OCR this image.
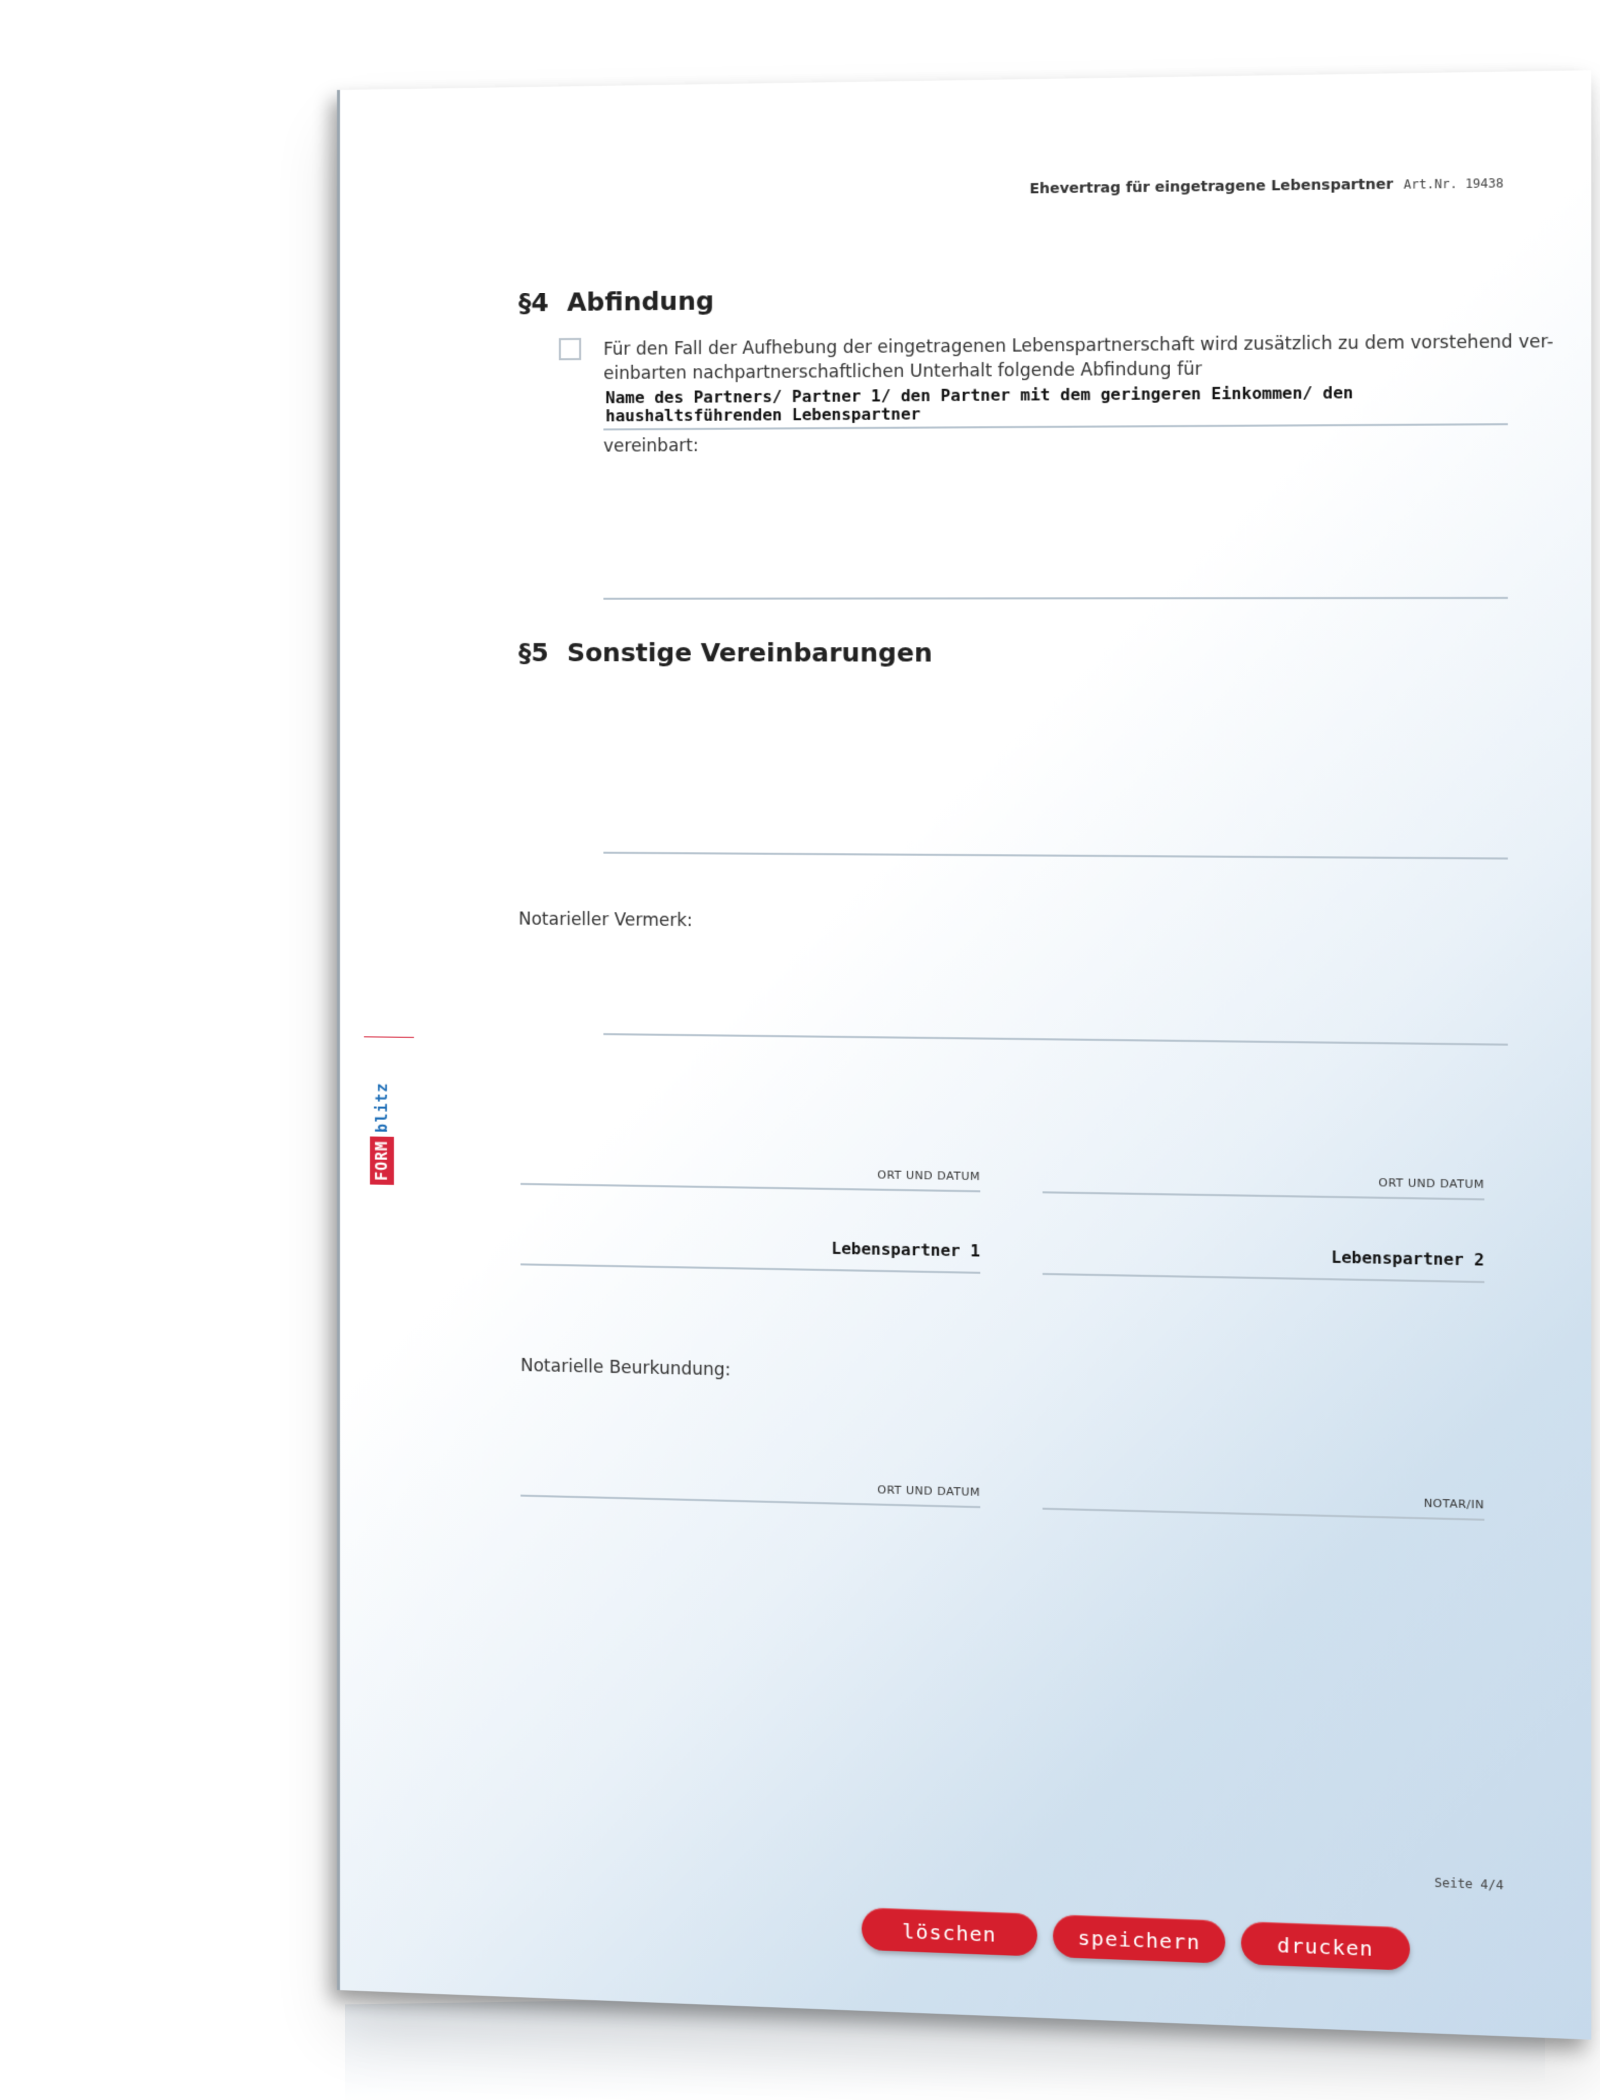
Ehevertrag für eingetragene Lebenspartner Art.Nr. 19438
§4 Abfindung
Für den Fall der Aufhebung der eingetragenen Lebenspartnerschaft wird zusätzlich zu dem vorstehend ver-
einbarten nachpartnerschaftlichen Unterhalt folgende Abfindung für
Name des Partners/ Partner 1/ den Partner mit dem geringeren Einkommen/ den
haushaltsführenden Lebenspartner
vereinbart:
§5 Sonstige Vereinbarungen
Notarieller Vermerk:
ORT UND DATUM
ORT UND DATUM
Lebenspartner 1	Lebenspartner 2
Notarielle Beurkundung:
ORT UND DATUM
NOTAR/IN
Seite 4/4
FORM
blitz
löschen	speichern	drucken
